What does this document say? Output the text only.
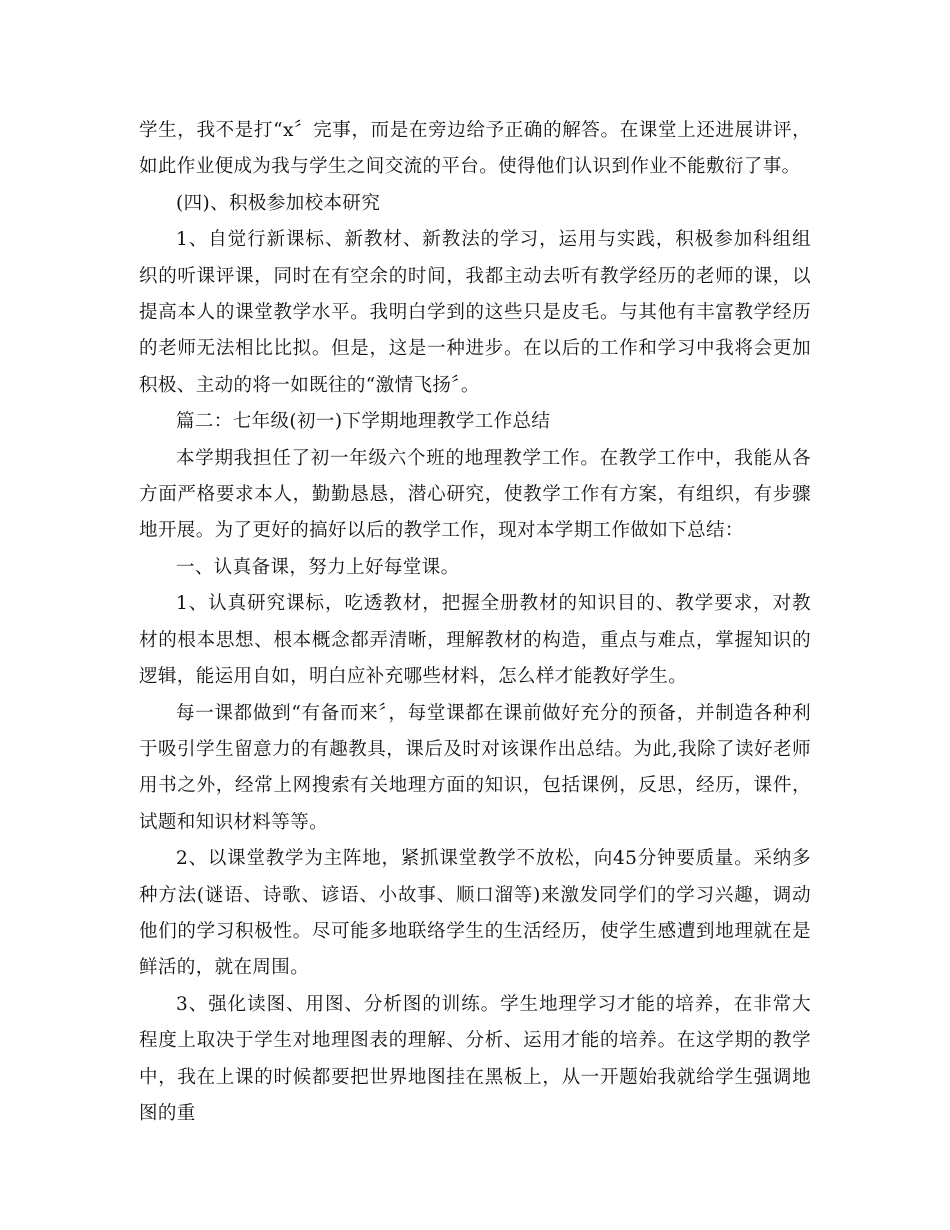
学生，我不是打“x〞完事，而是在旁边给予正确的解答。在课堂上还进展讲评，如此作业便成为我与学生之间交流的平台。使得他们认识到作业不能敷衍了事。

(四)、积极参加校本研究

1、自觉行新课标、新教材、新教法的学习，运用与实践，积极参加科组组织的听课评课，同时在有空余的时间，我都主动去听有教学经历的老师的课，以提高本人的课堂教学水平。我明白学到的这些只是皮毛。与其他有丰富教学经历的老师无法相比比拟。但是，这是一种进步。在以后的工作和学习中我将会更加积极、主动的将一如既往的“激情飞扬〞。

篇二：七年级(初一)下学期地理教学工作总结

本学期我担任了初一年级六个班的地理教学工作。在教学工作中，我能从各方面严格要求本人，勤勤恳恳，潜心研究，使教学工作有方案，有组织，有步骤地开展。为了更好的搞好以后的教学工作，现对本学期工作做如下总结：

一、认真备课，努力上好每堂课。

1、认真研究课标，吃透教材，把握全册教材的知识目的、教学要求，对教材的根本思想、根本概念都弄清晰，理解教材的构造，重点与难点，掌握知识的逻辑，能运用自如，明白应补充哪些材料，怎么样才能教好学生。

每一课都做到“有备而来〞，每堂课都在课前做好充分的预备，并制造各种利于吸引学生留意力的有趣教具，课后及时对该课作出总结。为此,我除了读好老师用书之外，经常上网搜索有关地理方面的知识，包括课例，反思，经历，课件，试题和知识材料等等。

2、以课堂教学为主阵地，紧抓课堂教学不放松，向45分钟要质量。采纳多种方法(谜语、诗歌、谚语、小故事、顺口溜等)来激发同学们的学习兴趣，调动他们的学习积极性。尽可能多地联络学生的生活经历，使学生感遭到地理就在是鲜活的，就在周围。

3、强化读图、用图、分析图的训练。学生地理学习才能的培养，在非常大程度上取决于学生对地理图表的理解、分析、运用才能的培养。在这学期的教学中，我在上课的时候都要把世界地图挂在黑板上，从一开题始我就给学生强调地图的重
